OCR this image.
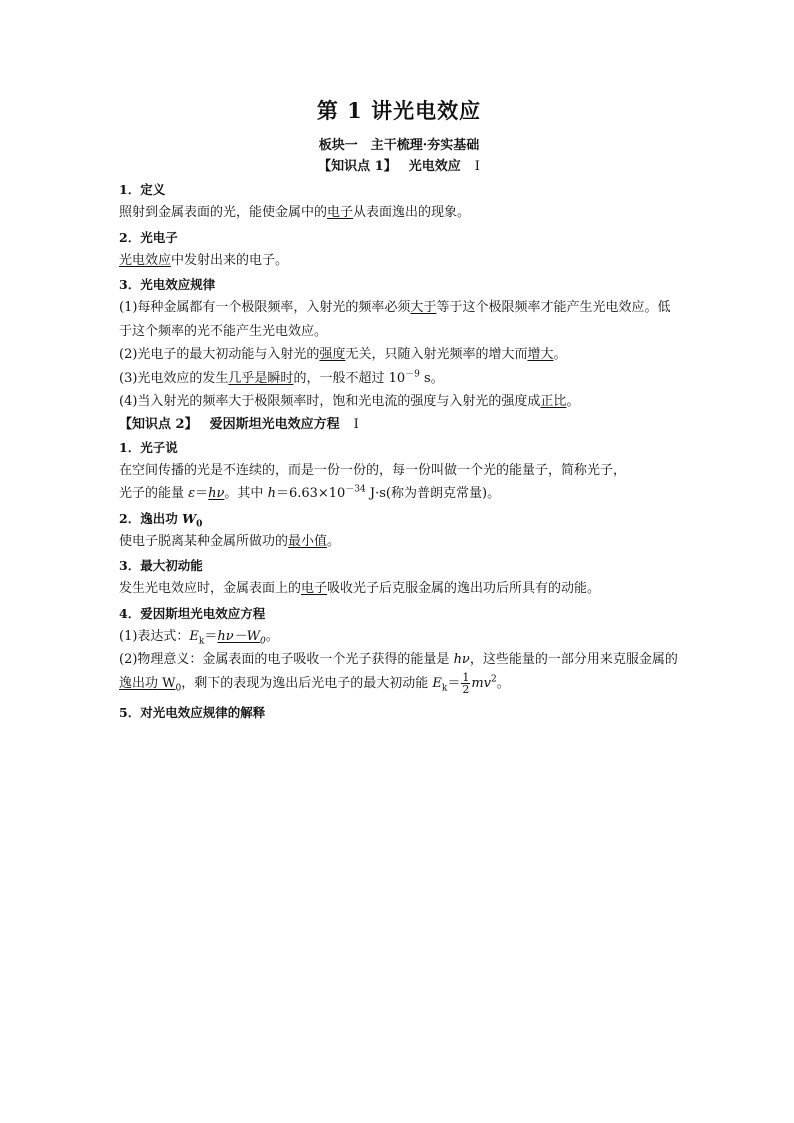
第 1 讲光电效应
板块一　主干梳理·夯实基础
【知识点 1】 光电效应 Ⅰ
1．定义

照射到金属表面的光，能使金属中的电子从表面逸出的现象。

2．光电子

光电效应中发射出来的电子。

3．光电效应规律

(1)每种金属都有一个极限频率，入射光的频率必须大于等于这个极限频率才能产生光电效应。低于这个频率的光不能产生光电效应。

(2)光电子的最大初动能与入射光的强度无关，只随入射光频率的增大而增大。

(3)光电效应的发生几乎是瞬时的，一般不超过 $10^{-9}$ s。

(4)当入射光的频率大于极限频率时，饱和光电流的强度与入射光的强度成正比。

【知识点 2】 爱因斯坦光电效应方程 Ⅰ
1．光子说

在空间传播的光是不连续的，而是一份一份的，每一份叫做一个光的能量子，简称光子，
光子的能量 ε＝hν。其中 $h=6.63\times 10^{-34}$ J·s(称为普朗克常量)。

2．逸出功 $W_0$

使电子脱离某种金属所做功的最小值。

3．最大初动能

发生光电效应时，金属表面上的电子吸收光子后克服金属的逸出功后所具有的动能。

4．爱因斯坦光电效应方程

(1)表达式：$E_k=h\nu-W_0$。

(2)物理意义：金属表面的电子吸收一个光子获得的能量是 hν，这些能量的一部分用来克服金属的逸出功 $W_0$，剩下的表现为逸出后光电子的最大初动能 $E_k= \frac{1}{2} mv^2$。

5．对光电效应规律的解释
